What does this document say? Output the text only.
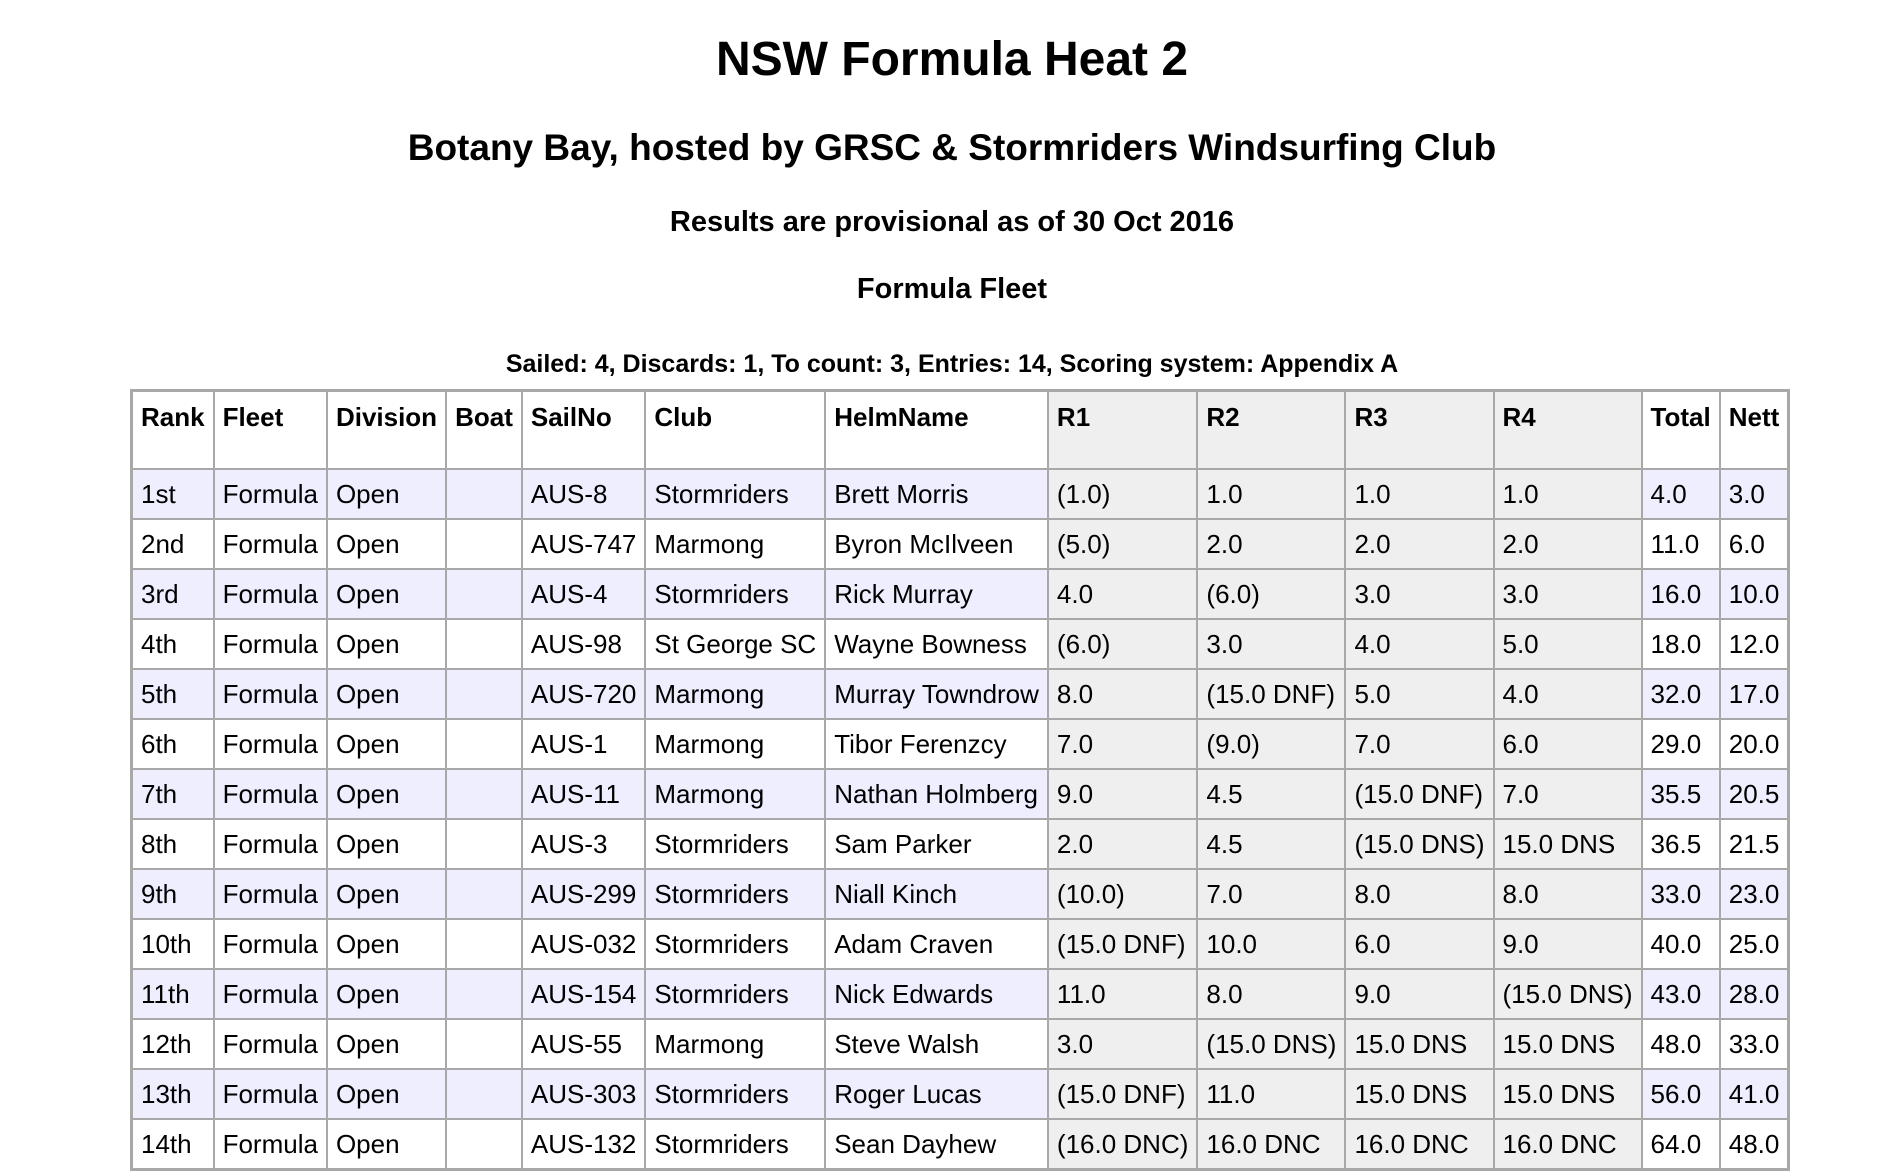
NSW Formula Heat 2
Botany Bay, hosted by GRSC & Stormriders Windsurfing Club
Results are provisional as of 30 Oct 2016
Formula Fleet
Sailed: 4, Discards: 1, To count: 3, Entries: 14, Scoring system: Appendix A
Rank	Fleet	Division	Boat	SailNo	Club	HelmName	R1	R2	R3	R4	Total	Nett
1st	Formula	Open		AUS-8	Stormriders	Brett Morris	(1.0)	1.0	1.0	1.0	4.0	3.0
2nd	Formula	Open		AUS-747	Marmong	Byron McIlveen	(5.0)	2.0	2.0	2.0	11.0	6.0
3rd	Formula	Open		AUS-4	Stormriders	Rick Murray	4.0	(6.0)	3.0	3.0	16.0	10.0
4th	Formula	Open		AUS-98	St George SC	Wayne Bowness	(6.0)	3.0	4.0	5.0	18.0	12.0
5th	Formula	Open		AUS-720	Marmong	Murray Towndrow	8.0	(15.0 DNF)	5.0	4.0	32.0	17.0
6th	Formula	Open		AUS-1	Marmong	Tibor Ferenzcy	7.0	(9.0)	7.0	6.0	29.0	20.0
7th	Formula	Open		AUS-11	Marmong	Nathan Holmberg	9.0	4.5	(15.0 DNF)	7.0	35.5	20.5
8th	Formula	Open		AUS-3	Stormriders	Sam Parker	2.0	4.5	(15.0 DNS)	15.0 DNS	36.5	21.5
9th	Formula	Open		AUS-299	Stormriders	Niall Kinch	(10.0)	7.0	8.0	8.0	33.0	23.0
10th	Formula	Open		AUS-032	Stormriders	Adam Craven	(15.0 DNF)	10.0	6.0	9.0	40.0	25.0
11th	Formula	Open		AUS-154	Stormriders	Nick Edwards	11.0	8.0	9.0	(15.0 DNS)	43.0	28.0
12th	Formula	Open		AUS-55	Marmong	Steve Walsh	3.0	(15.0 DNS)	15.0 DNS	15.0 DNS	48.0	33.0
13th	Formula	Open		AUS-303	Stormriders	Roger Lucas	(15.0 DNF)	11.0	15.0 DNS	15.0 DNS	56.0	41.0
14th	Formula	Open		AUS-132	Stormriders	Sean Dayhew	(16.0 DNC)	16.0 DNC	16.0 DNC	16.0 DNC	64.0	48.0
